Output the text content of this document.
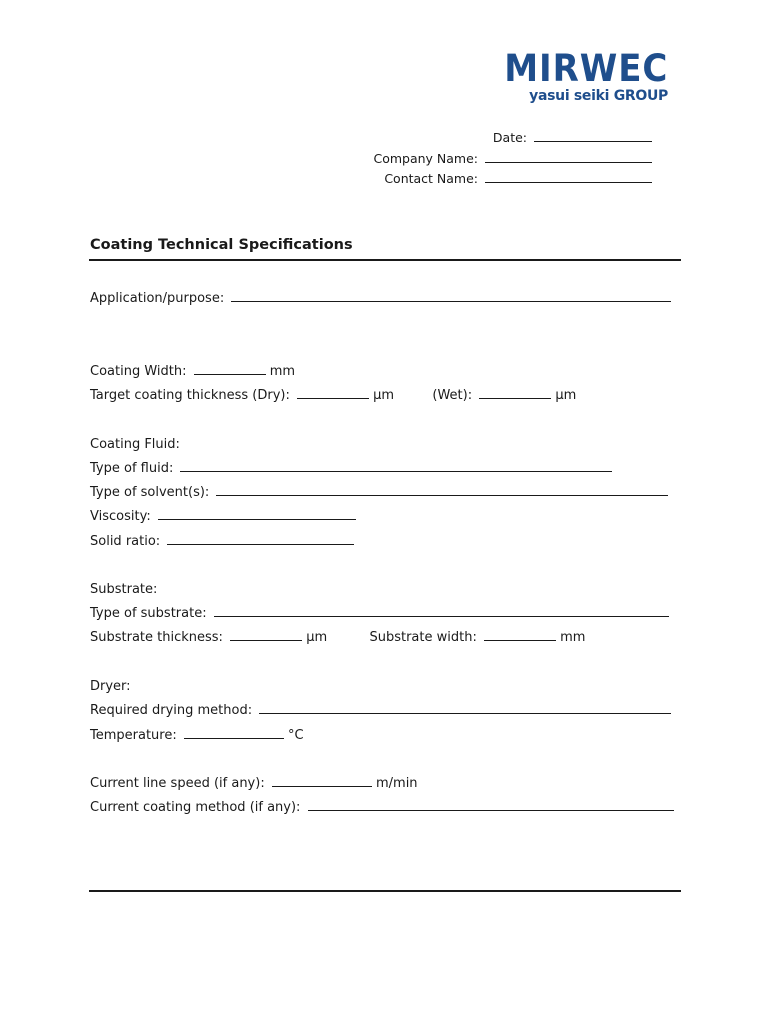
MIRWEC
yasui seiki GROUP
Date:
Company Name:
Contact Name:
Coating Technical Specifications
Application/purpose:
Coating Width:	mm
Target coating thickness (Dry):	μm	(Wet):	μm
Coating Fluid:
Type of fluid:
Type of solvent(s):
Viscosity:
Solid ratio:
Substrate:
Type of substrate:
Substrate thickness:	μm	Substrate width:	mm
Dryer:
Required drying method:
Temperature:	°C
Current line speed (if any):	m/min
Current coating method (if any):
